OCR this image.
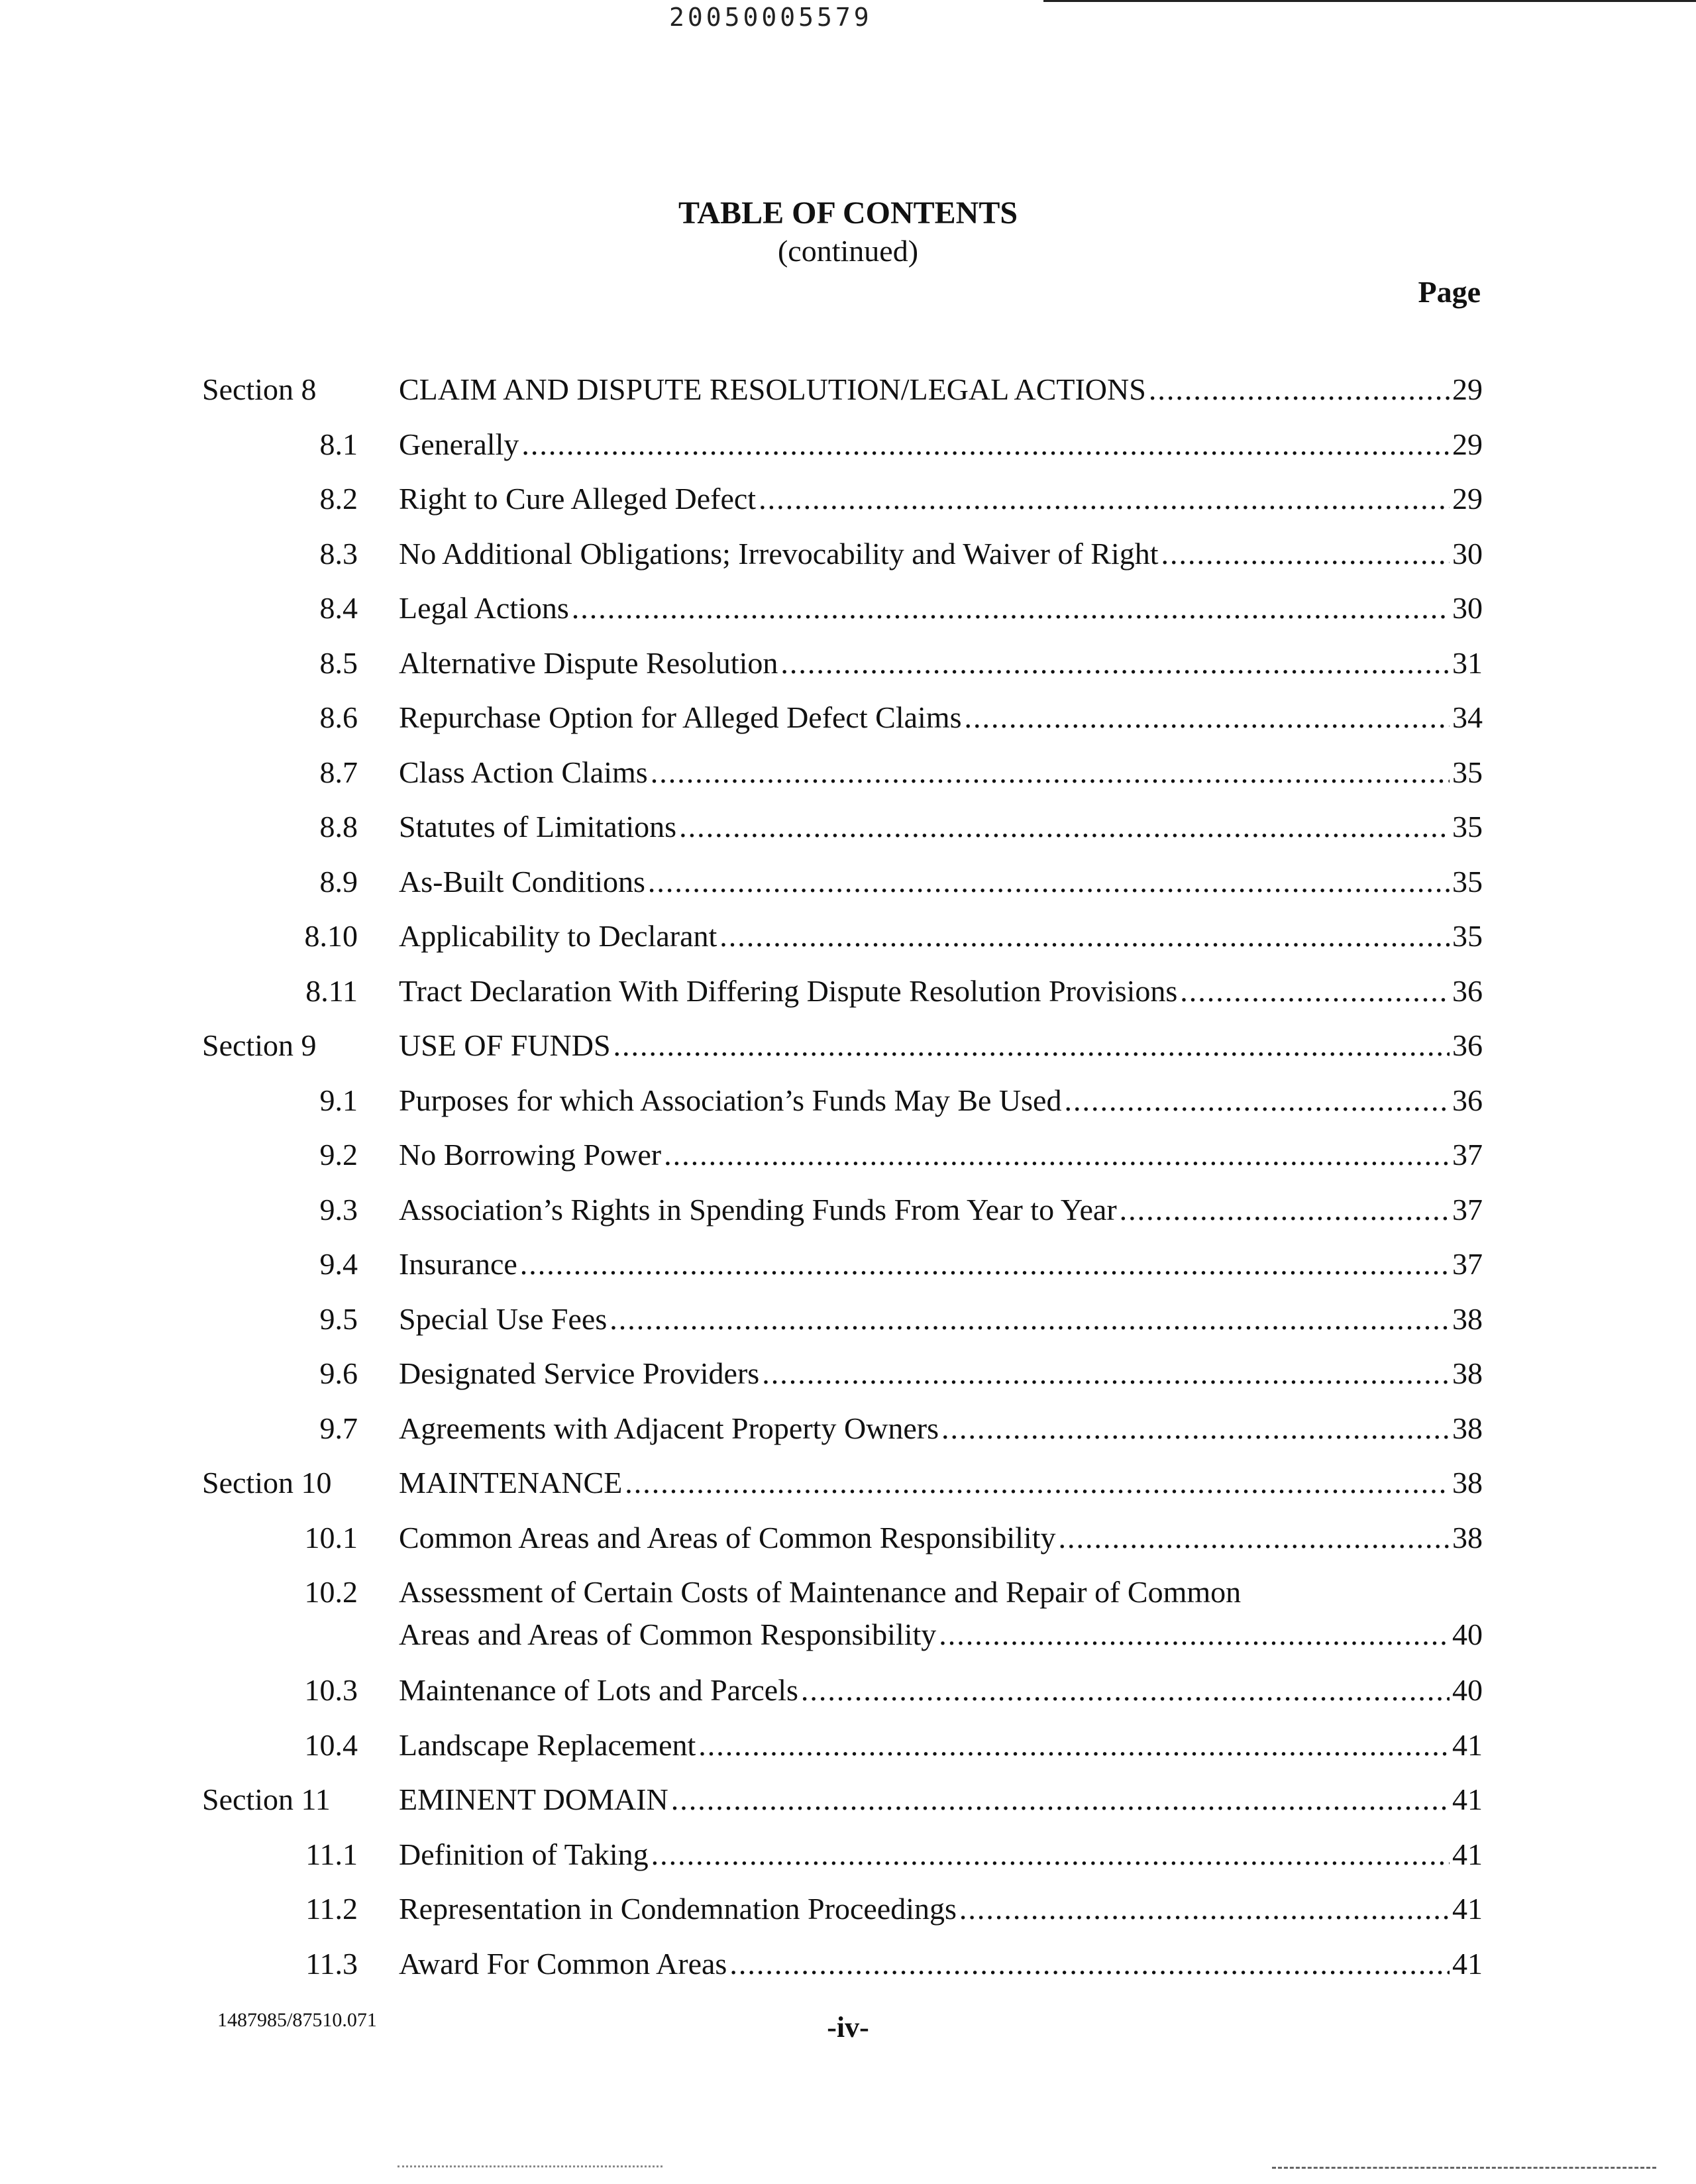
20050005579
TABLE OF CONTENTS
(continued)
Page
Section 8	CLAIM AND DISPUTE RESOLUTION/LEGAL ACTIONS .....	29
8.1 Generally .....	29
8.2 Right to Cure Alleged Defect .....	29
8.3 No Additional Obligations; Irrevocability and Waiver of Right .....	30
8.4 Legal Actions .....	30
8.5 Alternative Dispute Resolution .....	31
8.6 Repurchase Option for Alleged Defect Claims .....	34
8.7 Class Action Claims .....	35
8.8 Statutes of Limitations .....	35
8.9 As-Built Conditions .....	35
8.10 Applicability to Declarant .....	35
8.11 Tract Declaration With Differing Dispute Resolution Provisions .....	36
Section 9	USE OF FUNDS .....	36
9.1 Purposes for which Association’s Funds May Be Used .....	36
9.2 No Borrowing Power .....	37
9.3 Association’s Rights in Spending Funds From Year to Year .....	37
9.4 Insurance .....	37
9.5 Special Use Fees .....	38
9.6 Designated Service Providers .....	38
9.7 Agreements with Adjacent Property Owners .....	38
Section 10 MAINTENANCE .....	38
10.1 Common Areas and Areas of Common Responsibility .....	38
10.2 Assessment of Certain Costs of Maintenance and Repair of Common
Areas and Areas of Common Responsibility .....	40
10.3 Maintenance of Lots and Parcels .....	40
10.4 Landscape Replacement .....	41
Section 11 EMINENT DOMAIN .....	41
11.1 Definition of Taking .....	41
11.2 Representation in Condemnation Proceedings .....	41
11.3 Award For Common Areas .....	41
1487985/87510.071	-iv-
